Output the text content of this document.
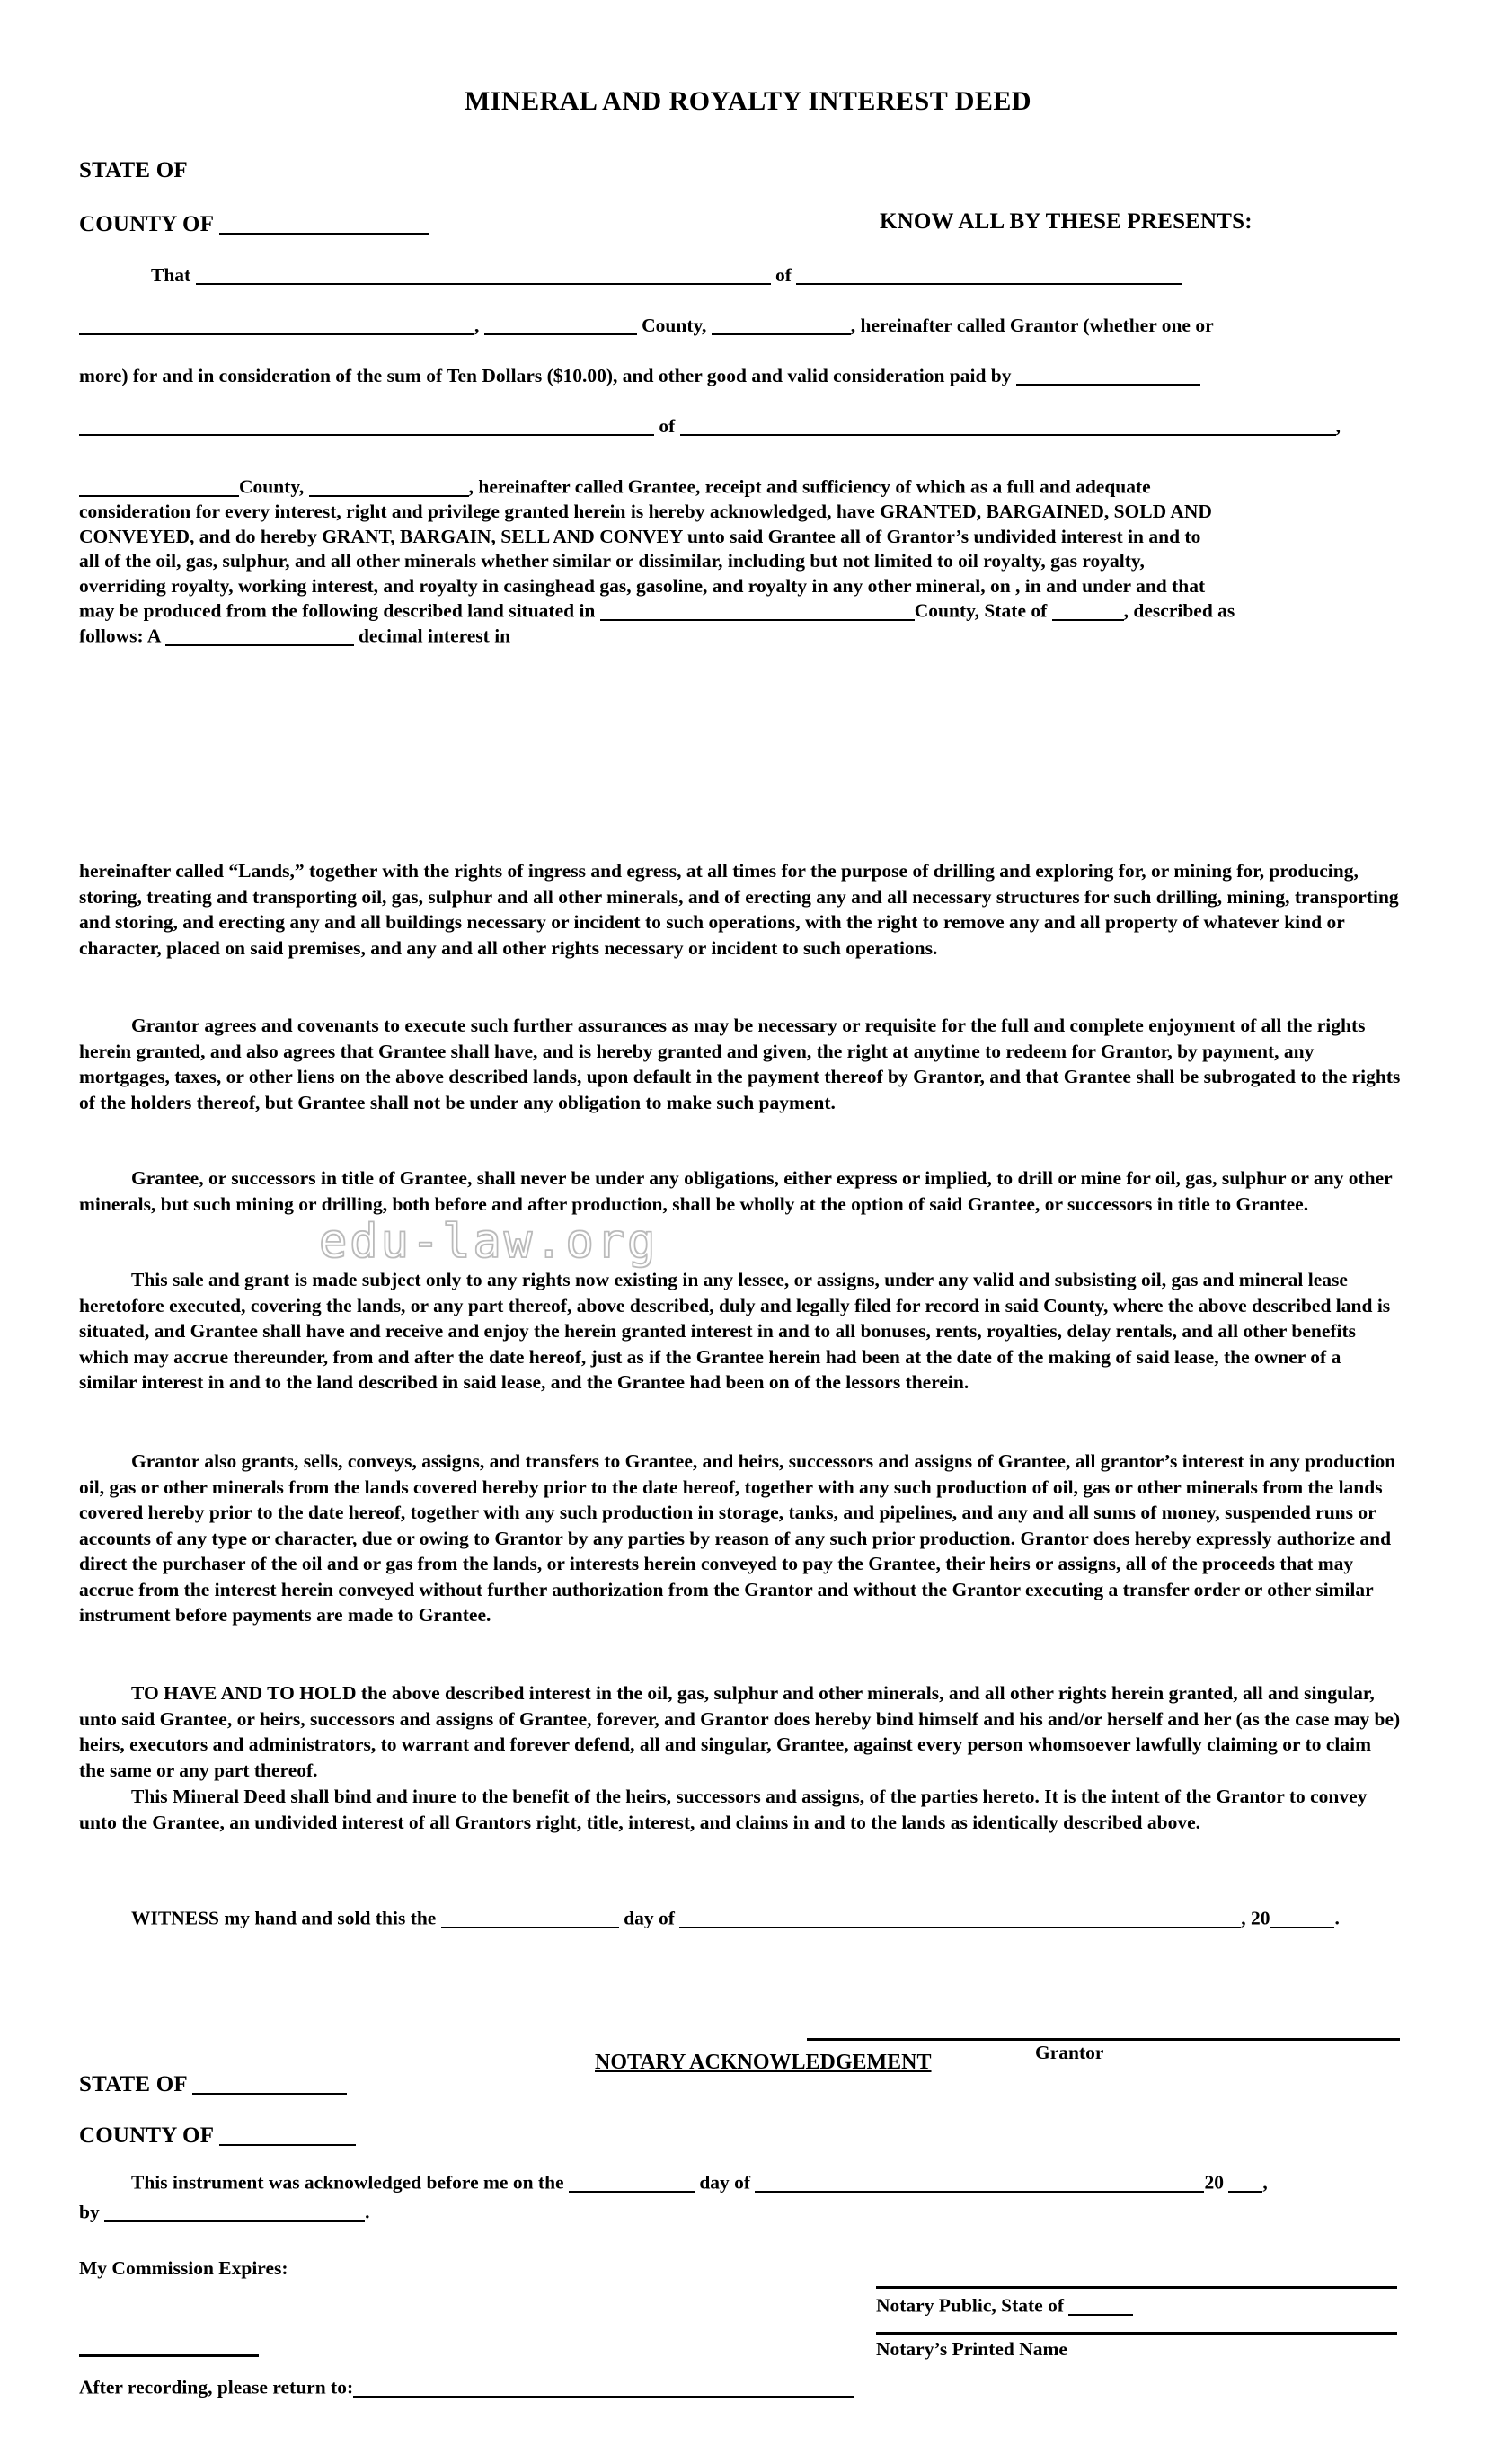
MINERAL AND ROYALTY INTEREST DEED
STATE OF
COUNTY OF	KNOW ALL BY THESE PRESENTS:
That	of
,	County,	, hereinafter called Grantor (whether one or
more) for and in consideration of the sum of Ten Dollars ($10.00), and other good and valid consideration paid by
of	,
County,	, hereinafter called Grantee, receipt and sufficiency of which as a full and adequate
consideration for every interest, right and privilege granted herein is hereby acknowledged, have GRANTED, BARGAINED, SOLD AND
CONVEYED, and do hereby GRANT, BARGAIN, SELL AND CONVEY unto said Grantee all of Grantor’s undivided interest in and to
all of the oil, gas, sulphur, and all other minerals whether similar or dissimilar, including but not limited to oil royalty, gas royalty,
overriding royalty, working interest, and royalty in casinghead gas, gasoline, and royalty in any other mineral, on , in and under and that
may be produced from the following described land situated in	County, State of	, described as
follows: A	decimal interest in
hereinafter called “Lands,” together with the rights of ingress and egress, at all times for the purpose of drilling and exploring for, or mining for, producing, storing, treating and transporting oil, gas, sulphur and all other minerals, and of erecting any and all necessary structures for such drilling, mining, transporting and storing, and erecting any and all buildings necessary or incident to such operations, with the right to remove any and all property of whatever kind or character, placed on said premises, and any and all other rights necessary or incident to such operations.
Grantor agrees and covenants to execute such further assurances as may be necessary or requisite for the full and complete enjoyment of all the rights herein granted, and also agrees that Grantee shall have, and is hereby granted and given, the right at anytime to redeem for Grantor, by payment, any mortgages, taxes, or other liens on the above described lands, upon default in the payment thereof by Grantor, and that Grantee shall be subrogated to the rights of the holders thereof, but Grantee shall not be under any obligation to make such payment.
Grantee, or successors in title of Grantee, shall never be under any obligations, either express or implied, to drill or mine for oil, gas, sulphur or any other minerals, but such mining or drilling, both before and after production, shall be wholly at the option of said Grantee, or successors in title to Grantee.
This sale and grant is made subject only to any rights now existing in any lessee, or assigns, under any valid and subsisting oil, gas and mineral lease heretofore executed, covering the lands, or any part thereof, above described, duly and legally filed for record in said County, where the above described land is situated, and Grantee shall have and receive and enjoy the herein granted interest in and to all bonuses, rents, royalties, delay rentals, and all other benefits which may accrue thereunder, from and after the date hereof, just as if the Grantee herein had been at the date of the making of said lease, the owner of a similar interest in and to the land described in said lease, and the Grantee had been on of the lessors therein.
Grantor also grants, sells, conveys, assigns, and transfers to Grantee, and heirs, successors and assigns of Grantee, all grantor’s interest in any production oil, gas or other minerals from the lands covered hereby prior to the date hereof, together with any such production of oil, gas or other minerals from the lands covered hereby prior to the date hereof, together with any such production in storage, tanks, and pipelines, and any and all sums of money, suspended runs or accounts of any type or character, due or owing to Grantor by any parties by reason of any such prior production. Grantor does hereby expressly authorize and direct the purchaser of the oil and or gas from the lands, or interests herein conveyed to pay the Grantee, their heirs or assigns, all of the proceeds that may accrue from the interest herein conveyed without further authorization from the Grantor and without the Grantor executing a transfer order or other similar instrument before payments are made to Grantee.
TO HAVE AND TO HOLD the above described interest in the oil, gas, sulphur and other minerals, and all other rights herein granted, all and singular, unto said Grantee, or heirs, successors and assigns of Grantee, forever, and Grantor does hereby bind himself and his and/or herself and her (as the case may be) heirs, executors and administrators, to warrant and forever defend, all and singular, Grantee, against every person whomsoever lawfully claiming or to claim the same or any part thereof.
This Mineral Deed shall bind and inure to the benefit of the heirs, successors and assigns, of the parties hereto. It is the intent of the Grantor to convey unto the Grantee, an undivided interest of all Grantors right, title, interest, and claims in and to the lands as identically described above.
edu-law.org
WITNESS my hand and sold this the	day of	, 20	.
Grantor
NOTARY ACKNOWLEDGEMENT
STATE OF
COUNTY OF
This instrument was acknowledged before me on the	day of	20 ,
by	.
My Commission Expires:
Notary Public, State of
Notary’s Printed Name
After recording, please return to:
